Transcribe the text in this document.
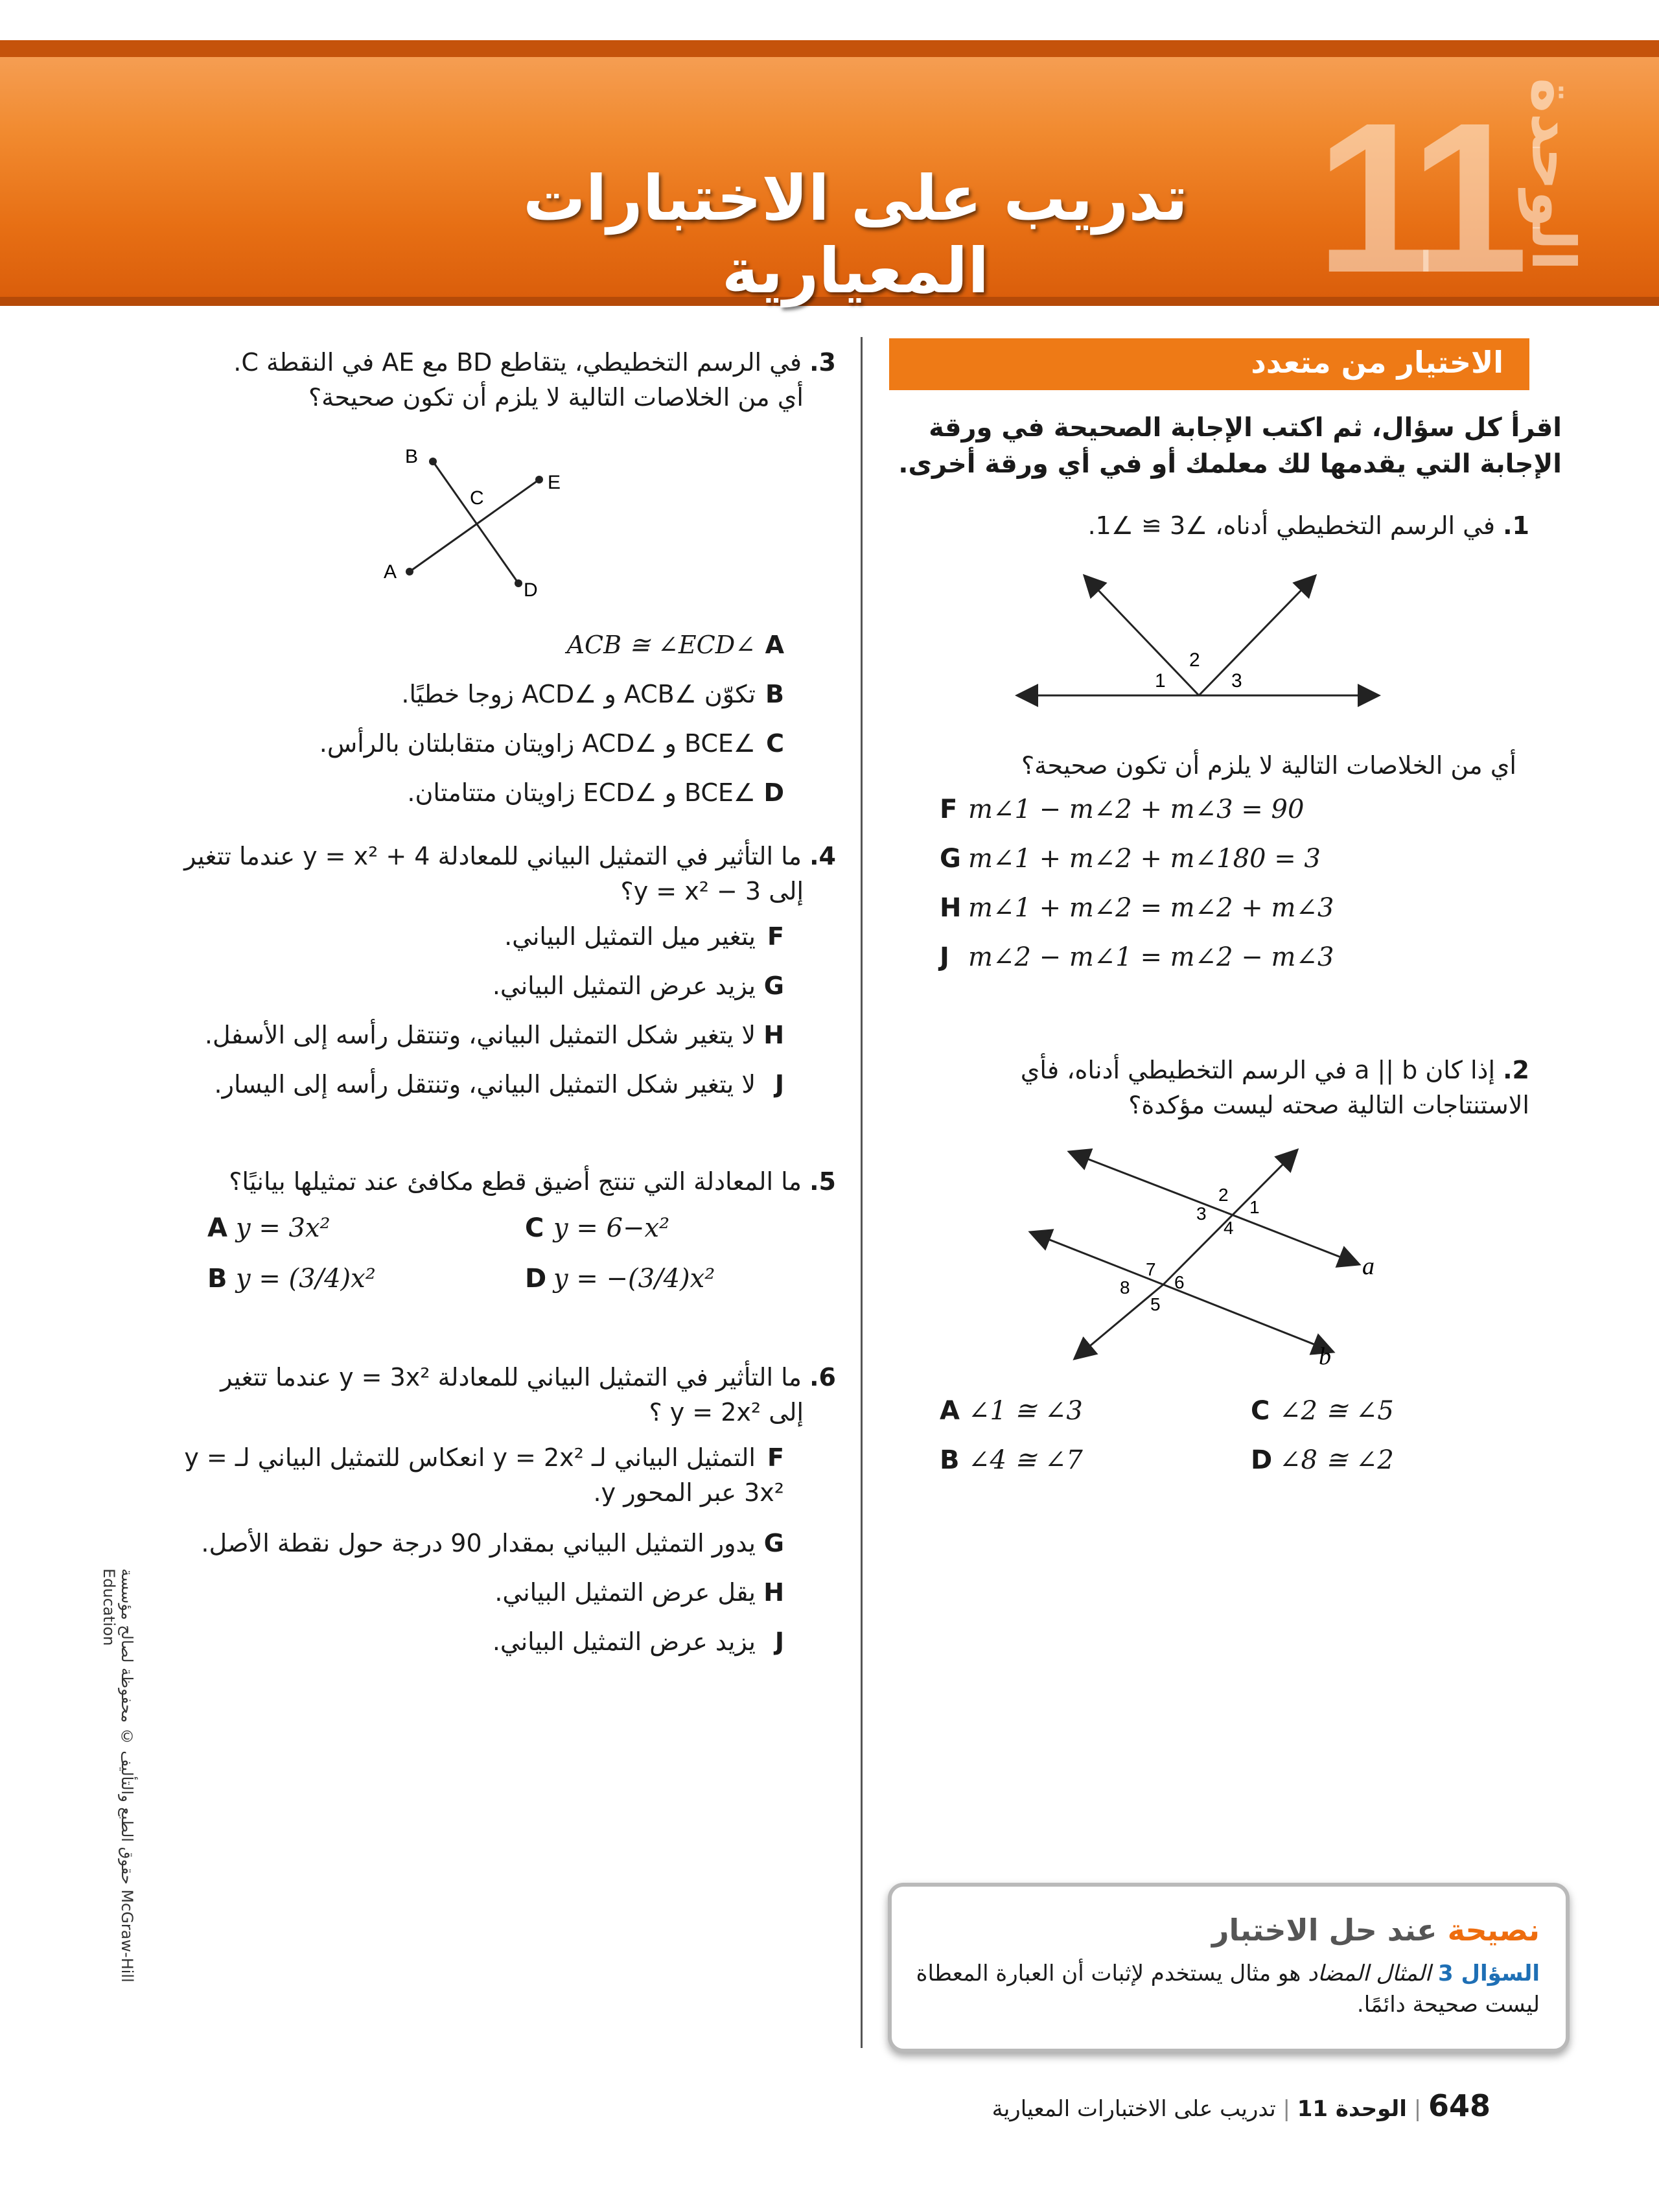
11 الوحدة
تدريب على الاختبارات المعيارية
الاختيار من متعدد
اقرأ كل سؤال، ثم اكتب الإجابة الصحيحة في ورقة الإجابة التي يقدمها لك معلمك أو في أي ورقة أخرى.
1. في الرسم التخطيطي أدناه، ∠3 ≅ ∠1.
1
2
3
أي من الخلاصات التالية لا يلزم أن تكون صحيحة؟
F m∠1 − m∠2 + m∠3 = 90
G m∠1 + m∠2 + m∠180 = 3
H m∠1 + m∠2 = m∠2 + m∠3
J m∠2 − m∠1 = m∠2 − m∠3
2. إذا كان a || b في الرسم التخطيطي أدناه، فأي الاستنتاجات التالية صحته ليست مؤكدة؟
2
1
3
4
7
8 6
5
a
b
A ∠1 ≅ ∠3	C ∠2 ≅ ∠5
B ∠4 ≅ ∠7	D ∠8 ≅ ∠2
نصيحة عند حل الاختبار
السؤال 3 المثال المضاد هو مثال يستخدم لإثبات أن العبارة المعطاة ليست صحيحة دائمًا.
3. في الرسم التخطيطي، يتقاطع BD مع AE في النقطة C.
أي من الخلاصات التالية لا يلزم أن تكون صحيحة؟
B
E
C
A
D
A∠ACB ≅ ∠ECD
Bتكوّن ∠ACB و ∠ACD زوجا خطيًا.
C∠BCE و ∠ACD زاويتان متقابلتان بالرأس.
D∠BCE و ∠ECD زاويتان متتامتان.
4. ما التأثير في التمثيل البياني للمعادلة y = x² + 4 عندما تتغير
إلى y = x² − 3؟
Fيتغير ميل التمثيل البياني.
Gيزيد عرض التمثيل البياني.
Hلا يتغير شكل التمثيل البياني، وتنتقل رأسه إلى الأسفل.
Jلا يتغير شكل التمثيل البياني، وتنتقل رأسه إلى اليسار.
5. ما المعادلة التي تنتج أضيق قطع مكافئ عند تمثيلها بيانيًا؟
A y = 3x²	C y = 6−x²
B y = (3/4)x²	D y = −(3/4)x²
6. ما التأثير في التمثيل البياني للمعادلة y = 3x² عندما تتغير
إلى y = 2x² ؟
Fالتمثيل البياني لـ y = 2x² انعكاس للتمثيل البياني لـ y = 3x² عبر المحور y.
Gيدور التمثيل البياني بمقدار 90 درجة حول نقطة الأصل.
Hيقل عرض التمثيل البياني.
Jيزيد عرض التمثيل البياني.
حقوق الطبع والتأليف © محفوظة لصالح مؤسسة McGraw-Hill Education
648 | الوحدة 11 | تدريب على الاختبارات المعيارية
